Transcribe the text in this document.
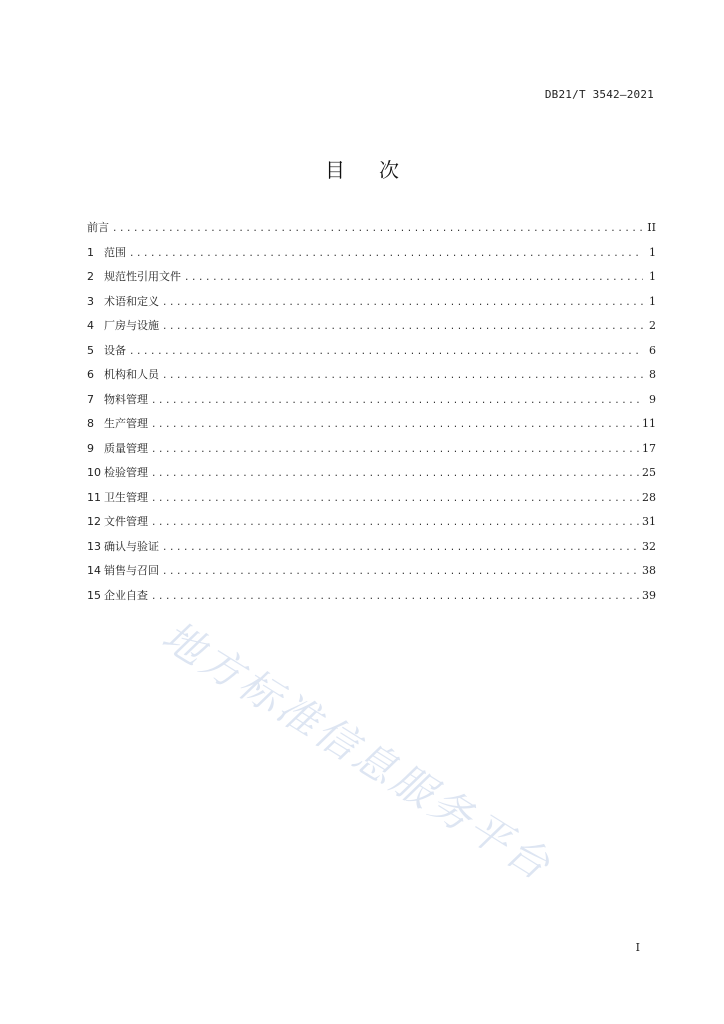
DB21/T 3542—2021
目 次
前言 .....	II
1 范围 .....	1
2 规范性引用文件 .....	1
3 术语和定义 .....	1
4 厂房与设施 .....	2
5 设备 .....	6
6 机构和人员 .....	8
7 物料管理 .....	9
8 生产管理 .....	11
9 质量管理 .....	17
10 检验管理 .....	25
11 卫生管理 .....	28
12 文件管理 .....	31
13 确认与验证 .....	32
14 销售与召回 .....	38
15 企业自查 .....	39
地方标准信息服务平台
I
